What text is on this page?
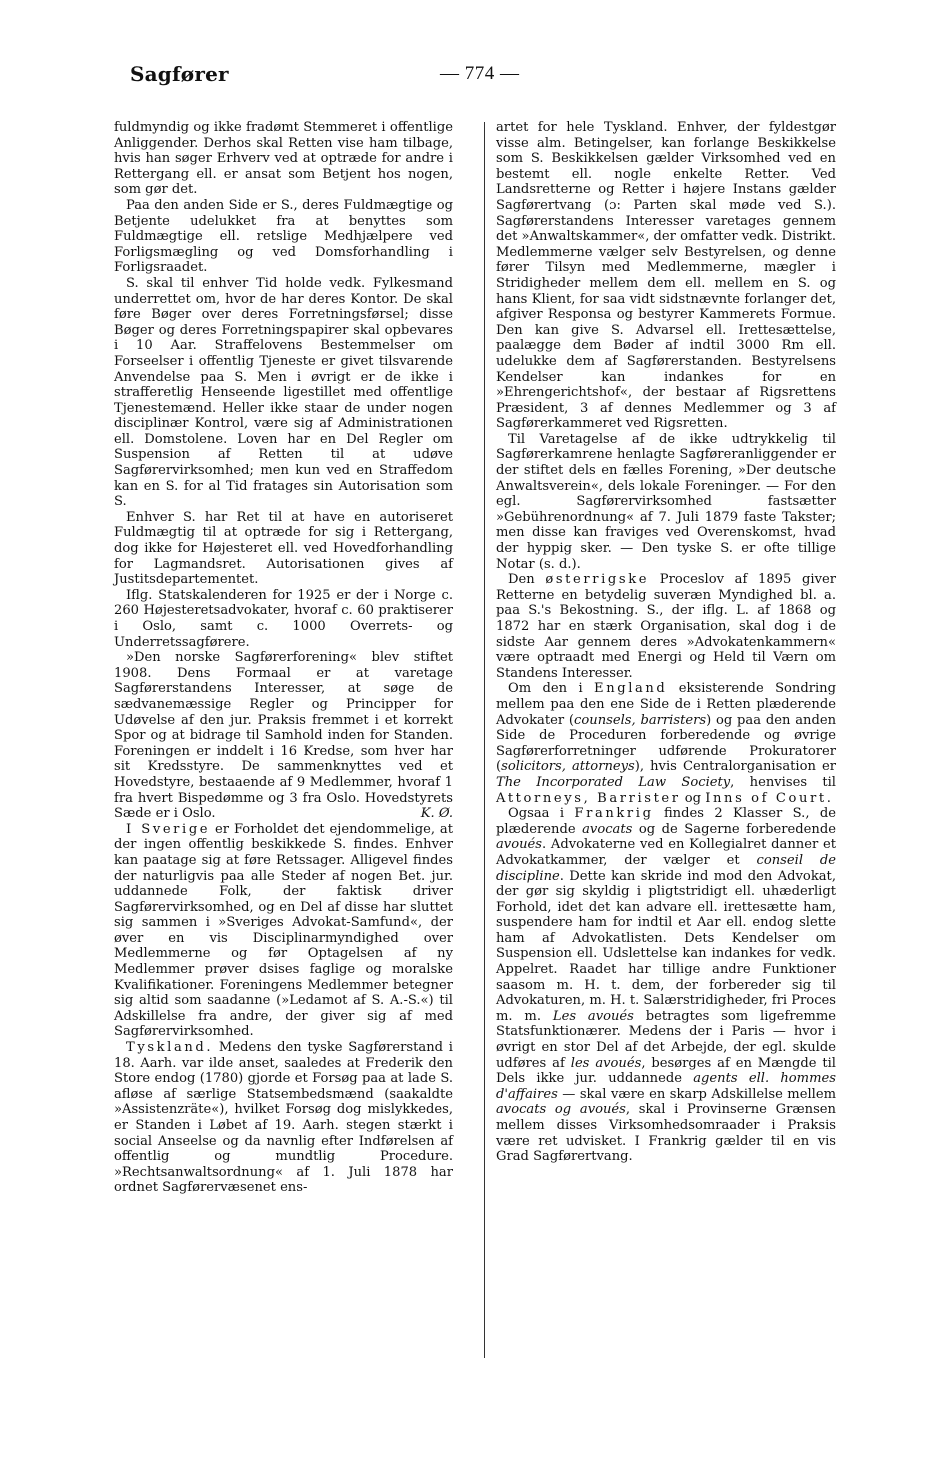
Sagfører	— 774 —

fuldmyndig og ikke fradømt Stemmeret i offentlige Anliggender. Derhos skal Retten vise ham tilbage, hvis han søger Erhverv ved at optræde for andre i Rettergang ell. er ansat som Betjent hos nogen, som gør det.

Paa den anden Side er S., deres Fuldmægtige og Betjente udelukket fra at benyttes som Fuldmægtige ell. retslige Medhjælpere ved Forligsmægling og ved Domsforhandling i Forligsraadet.

S. skal til enhver Tid holde vedk. Fylkesmand underrettet om, hvor de har deres Kontor. De skal føre Bøger over deres Forretningsførsel; disse Bøger og deres Forretningspapirer skal opbevares i 10 Aar. Straffelovens Bestemmelser om Forseelser i offentlig Tjeneste er givet tilsvarende Anvendelse paa S. Men i øvrigt er de ikke i strafferetlig Henseende ligestillet med offentlige Tjenestemænd. Heller ikke staar de under nogen disciplinær Kontrol, være sig af Administrationen ell. Domstolene. Loven har en Del Regler om Suspension af Retten til at udøve Sagførervirksomhed; men kun ved en Straffedom kan en S. for al Tid fratages sin Autorisation som S.

Enhver S. har Ret til at have en autoriseret Fuldmægtig til at optræde for sig i Rettergang, dog ikke for Højesteret ell. ved Hovedforhandling for Lagmandsret. Autorisationen gives af Justitsdepartementet.

Iflg. Statskalenderen for 1925 er der i Norge c. 260 Højesteretsadvokater, hvoraf c. 60 praktiserer i Oslo, samt c. 1000 Overrets- og Underretssagførere.

»Den norske Sagførerforening« blev stiftet 1908. Dens Formaal er at varetage Sagførerstandens Interesser, at søge de sædvanemæssige Regler og Principper for Udøvelse af den jur. Praksis fremmet i et korrekt Spor og at bidrage til Samhold inden for Standen. Foreningen er inddelt i 16 Kredse, som hver har sit Kredsstyre. De sammenknyttes ved et Hovedstyre, bestaaende af 9 Medlemmer, hvoraf 1 fra hvert Bispedømme og 3 fra Oslo. Hovedstyrets Sæde er i Oslo.	K. Ø.

I Sverige er Forholdet det ejendommelige, at der ingen offentlig beskikkede S. findes. Enhver kan paatage sig at føre Retssager. Alligevel findes der naturligvis paa alle Steder af nogen Bet. jur. uddannede Folk, der faktisk driver Sagførervirksomhed, og en Del af disse har sluttet sig sammen i »Sveriges Advokat-Samfund«, der øver en vis Disciplinarmyndighed over Medlemmerne og før Optagelsen af ny Medlemmer prøver dsises faglige og moralske Kvalifikationer. Foreningens Medlemmer betegner sig altid som saadanne (»Ledamot af S. A.-S.«) til Adskillelse fra andre, der giver sig af med Sagførervirksomhed.

Tyskland. Medens den tyske Sagførerstand i 18. Aarh. var ilde anset, saaledes at Frederik den Store endog (1780) gjorde et Forsøg paa at lade S. afløse af særlige Statsembedsmænd (saakaldte »Assistenzräte«), hvilket Forsøg dog mislykkedes, er Standen i Løbet af 19. Aarh. stegen stærkt i social Anseelse og da navnlig efter Indførelsen af offentlig og mundtlig Procedure. »Rechtsanwaltsordnung« af 1. Juli 1878 har ordnet Sagførervæsenet ens-

artet for hele Tyskland. Enhver, der fyldestgør visse alm. Betingelser, kan forlange Beskikkelse som S. Beskikkelsen gælder Virksomhed ved en bestemt ell. nogle enkelte Retter. Ved Landsretterne og Retter i højere Instans gælder Sagførertvang (ɔ: Parten skal møde ved S.). Sagførerstandens Interesser varetages gennem det »Anwaltskammer«, der omfatter vedk. Distrikt. Medlemmerne vælger selv Bestyrelsen, og denne fører Tilsyn med Medlemmerne, mægler i Stridigheder mellem dem ell. mellem en S. og hans Klient, for saa vidt sidstnævnte forlanger det, afgiver Responsa og bestyrer Kammerets Formue. Den kan give S. Advarsel ell. Irettesættelse, paalægge dem Bøder af indtil 3000 Rm ell. udelukke dem af Sagførerstanden. Bestyrelsens Kendelser kan indankes for en »Ehrengerichtshof«, der bestaar af Rigsrettens Præsident, 3 af dennes Medlemmer og 3 af Sagførerkammeret ved Rigsretten.

Til Varetagelse af de ikke udtrykkelig til Sagførerkamrene henlagte Sagføreranliggender er der stiftet dels en fælles Forening, »Der deutsche Anwaltsverein«, dels lokale Foreninger. — For den egl. Sagførervirksomhed fastsætter »Gebührenordnung« af 7. Juli 1879 faste Takster; men disse kan fraviges ved Overenskomst, hvad der hyppig sker. — Den tyske S. er ofte tillige Notar (s. d.).

Den østerrigske Proceslov af 1895 giver Retterne en betydelig suveræn Myndighed bl. a. paa S.'s Bekostning. S., der iflg. L. af 1868 og 1872 har en stærk Organisation, skal dog i de sidste Aar gennem deres »Advokatenkammern« være optraadt med Energi og Held til Værn om Standens Interesser.

Om den i England eksisterende Sondring mellem paa den ene Side de i Retten plæderende Advokater (counsels, barristers) og paa den anden Side de Proceduren forberedende og øvrige Sagførerforretninger udførende Prokuratorer (solicitors, attorneys), hvis Centralorganisation er The Incorporated Law Society, henvises til Attorneys, Barrister og Inns of Court.

Ogsaa i Frankrig findes 2 Klasser S., de plæderende avocats og de Sagerne forberedende avoués. Advokaterne ved en Kollegialret danner et Advokatkammer, der vælger et conseil de discipline. Dette kan skride ind mod den Advokat, der gør sig skyldig i pligtstridigt ell. uhæderligt Forhold, idet det kan advare ell. irettesætte ham, suspendere ham for indtil et Aar ell. endog slette ham af Advokatlisten. Dets Kendelser om Suspension ell. Udslettelse kan indankes for vedk. Appelret. Raadet har tillige andre Funktioner saasom m. H. t. dem, der forbereder sig til Advokaturen, m. H. t. Salærstridigheder, fri Proces m. m. Les avoués betragtes som ligefremme Statsfunktionærer. Medens der i Paris — hvor i øvrigt en stor Del af det Arbejde, der egl. skulde udføres af les avoués, besørges af en Mængde til Dels ikke jur. uddannede agents ell. hommes d'affaires — skal være en skarp Adskillelse mellem avocats og avoués, skal i Provinserne Grænsen mellem disses Virksomhedsomraader i Praksis være ret udvisket. I Frankrig gælder til en vis Grad Sagførertvang.
